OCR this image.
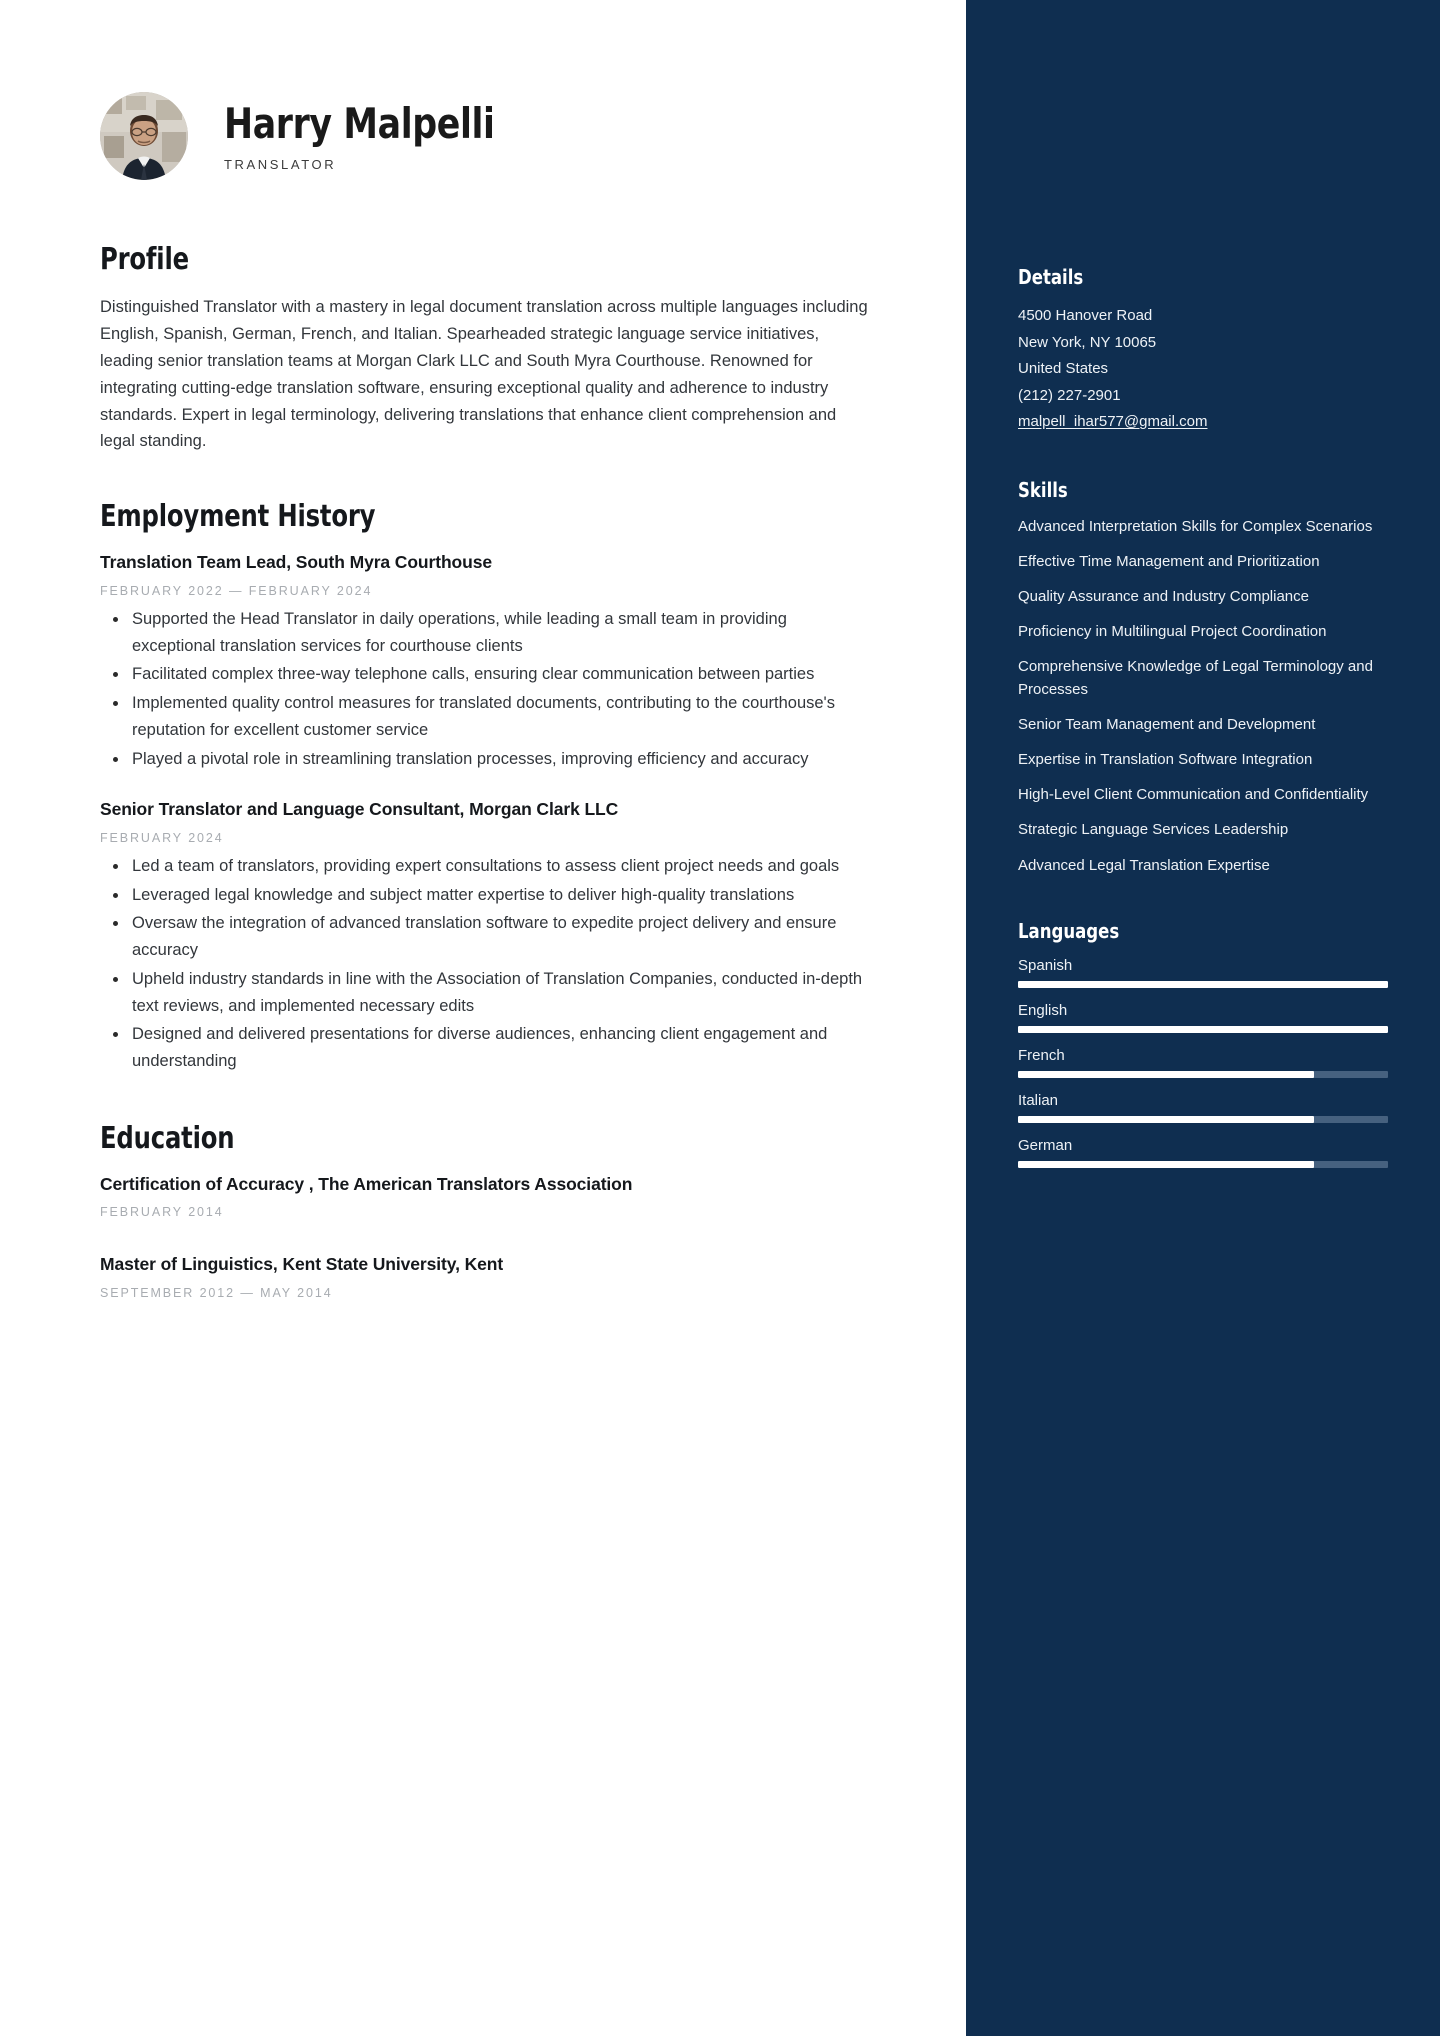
Harry Malpelli
TRANSLATOR
Profile

Distinguished Translator with a mastery in legal document translation across multiple languages including English, Spanish, German, French, and Italian. Spearheaded strategic language service initiatives, leading senior translation teams at Morgan Clark LLC and South Myra Courthouse. Renowned for integrating cutting-edge translation software, ensuring exceptional quality and adherence to industry standards. Expert in legal terminology, delivering translations that enhance client comprehension and legal standing.

Employment History
Translation Team Lead, South Myra Courthouse
FEBRUARY 2022 — FEBRUARY 2024
Supported the Head Translator in daily operations, while leading a small team in providing exceptional translation services for courthouse clients
Facilitated complex three-way telephone calls, ensuring clear communication between parties
Implemented quality control measures for translated documents, contributing to the courthouse's reputation for excellent customer service
Played a pivotal role in streamlining translation processes, improving efficiency and accuracy
Senior Translator and Language Consultant, Morgan Clark LLC
FEBRUARY 2024
Led a team of translators, providing expert consultations to assess client project needs and goals
Leveraged legal knowledge and subject matter expertise to deliver high-quality translations
Oversaw the integration of advanced translation software to expedite project delivery and ensure accuracy
Upheld industry standards in line with the Association of Translation Companies, conducted in-depth text reviews, and implemented necessary edits
Designed and delivered presentations for diverse audiences, enhancing client engagement and understanding
Education
Certification of Accuracy , The American Translators Association
FEBRUARY 2014
Master of Linguistics, Kent State University, Kent
SEPTEMBER 2012 — MAY 2014
Details
4500 Hanover Road
New York, NY 10065
United States
(212) 227-2901
malpell_ihar577@gmail.com
Skills
Advanced Interpretation Skills for Complex Scenarios
Effective Time Management and Prioritization
Quality Assurance and Industry Compliance
Proficiency in Multilingual Project Coordination
Comprehensive Knowledge of Legal Terminology and Processes
Senior Team Management and Development
Expertise in Translation Software Integration
High-Level Client Communication and Confidentiality
Strategic Language Services Leadership
Advanced Legal Translation Expertise
Languages
Spanish
English
French
Italian
German
